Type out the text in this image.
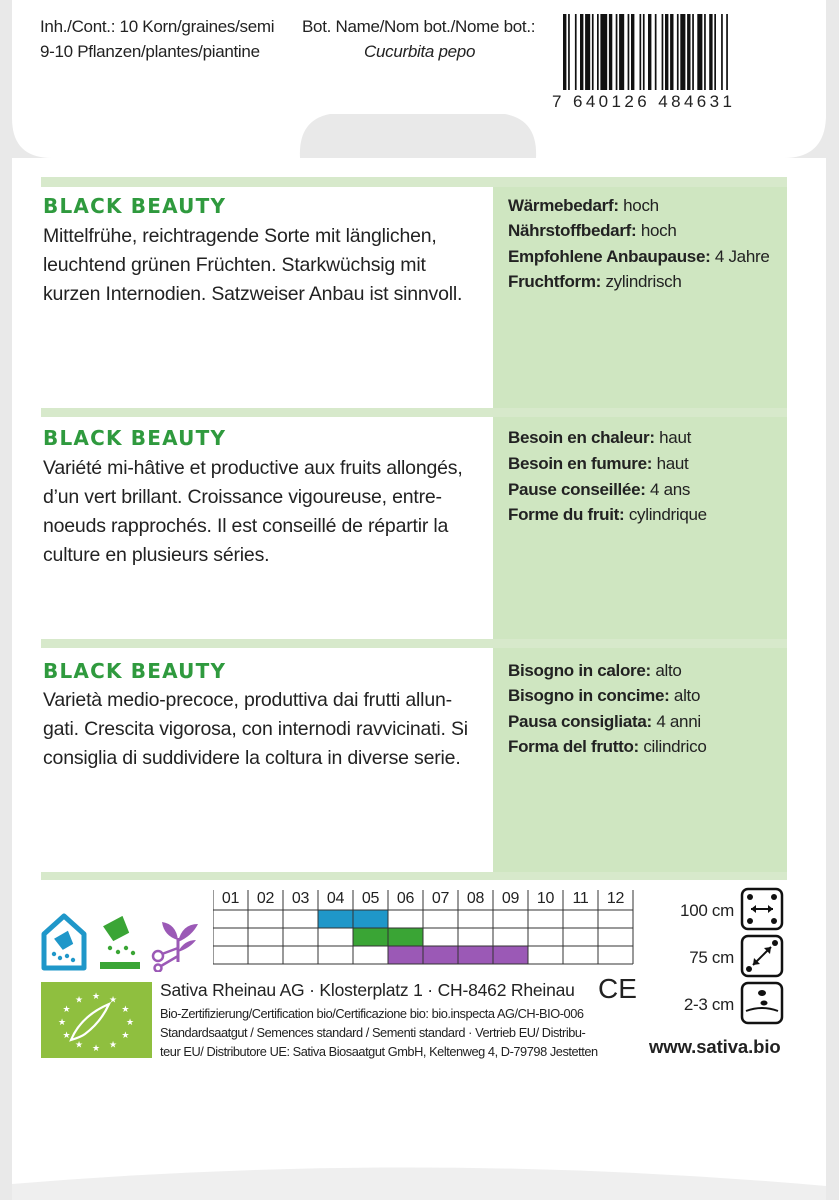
Inh./Cont.: 10 Korn/graines/semi
9-10 Pflanzen/plantes/piantine
Bot. Name/Nom bot./Nome bot.:
Cucurbita pepo
7 640126 484631
BLACK BEAUTY
Mittelfrühe, reichtragende Sorte mit länglichen, leuchtend grünen Früchten. Starkwüchsig mit kurzen Internodien. Satzweiser Anbau ist sinnvoll.
Wärmebedarf: hoch
Nährstoffbedarf: hoch
Empfohlene Anbaupause: 4 Jahre
Fruchtform: zylindrisch
BLACK BEAUTY
Variété mi-hâtive et productive aux fruits allongés, d’un vert brillant. Croissance vigoureuse, entre-noeuds rapprochés. Il est conseillé de répartir la culture en plusieurs séries.
Besoin en chaleur: haut
Besoin en fumure: haut
Pause conseillée: 4 ans
Forme du fruit: cylindrique
BLACK BEAUTY
Varietà medio-precoce, produttiva dai frutti allun-gati. Crescita vigorosa, con internodi ravvicinati. Si consiglia di suddividere la coltura in diverse serie.
Bisogno in calore: alto
Bisogno in concime: alto
Pausa consigliata: 4 anni
Forma del frutto: cilindrico
01	02	03	04	05	06	07	08	09	10	11	12
100 cm
75 cm
2-3 cm
★
★
★
★
★
★
★
★
★ ★ ★
★
Sativa Rheinau AG · Klosterplatz 1 · CH-8462 Rheinau CE
Bio-Zertifizierung/Certification bio/Certificazione bio: bio.inspecta AG/CH-BIO-006
Standardsaatgut / Semences standard / Sementi standard · Vertrieb EU/ Distribu-
teur EU/ Distributore UE: Sativa Biosaatgut GmbH, Keltenweg 4, D-79798 Jestetten	www.sativa.bio
